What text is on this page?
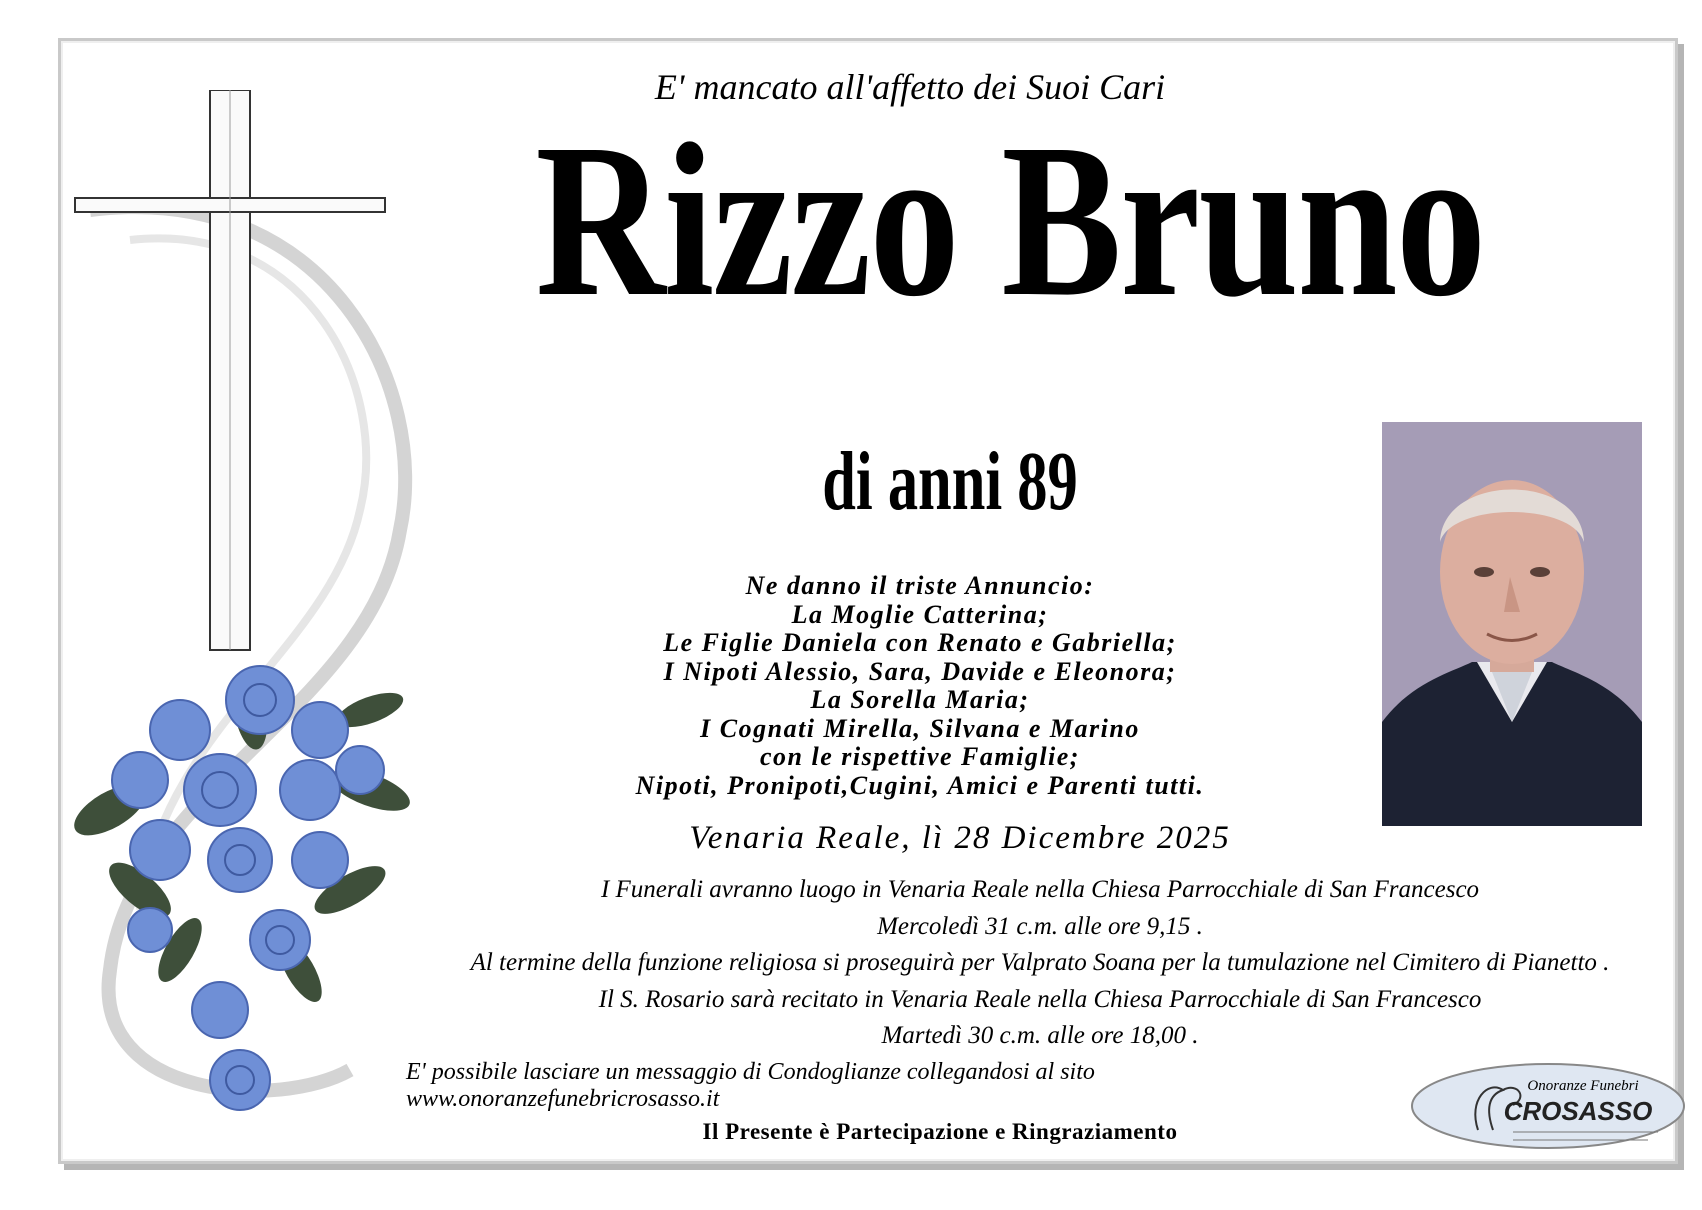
E' mancato all'affetto dei Suoi Cari
Rizzo Bruno
di anni 89
Ne danno il triste Annuncio:
La Moglie Catterina;
Le Figlie Daniela con Renato e Gabriella;
I Nipoti Alessio, Sara, Davide e Eleonora;
La Sorella Maria;
I Cognati Mirella, Silvana e Marino
con le rispettive Famiglie;
Nipoti, Pronipoti,Cugini, Amici e Parenti tutti.
Venaria Reale, lì 28 Dicembre 2025
I Funerali avranno luogo in Venaria Reale nella Chiesa Parrocchiale di San Francesco
Mercoledì 31 c.m. alle ore 9,15 .
Al termine della funzione religiosa si proseguirà per Valprato Soana per la tumulazione nel Cimitero di Pianetto .
Il S. Rosario sarà recitato in Venaria Reale nella Chiesa Parrocchiale di San Francesco
Martedì 30 c.m. alle ore 18,00 .
E' possibile lasciare un messaggio di Condoglianze collegandosi al sito www.onoranzefunebricrosasso.it
Il Presente è Partecipazione e Ringraziamento
Onoranze Funebri
CROSASSO
